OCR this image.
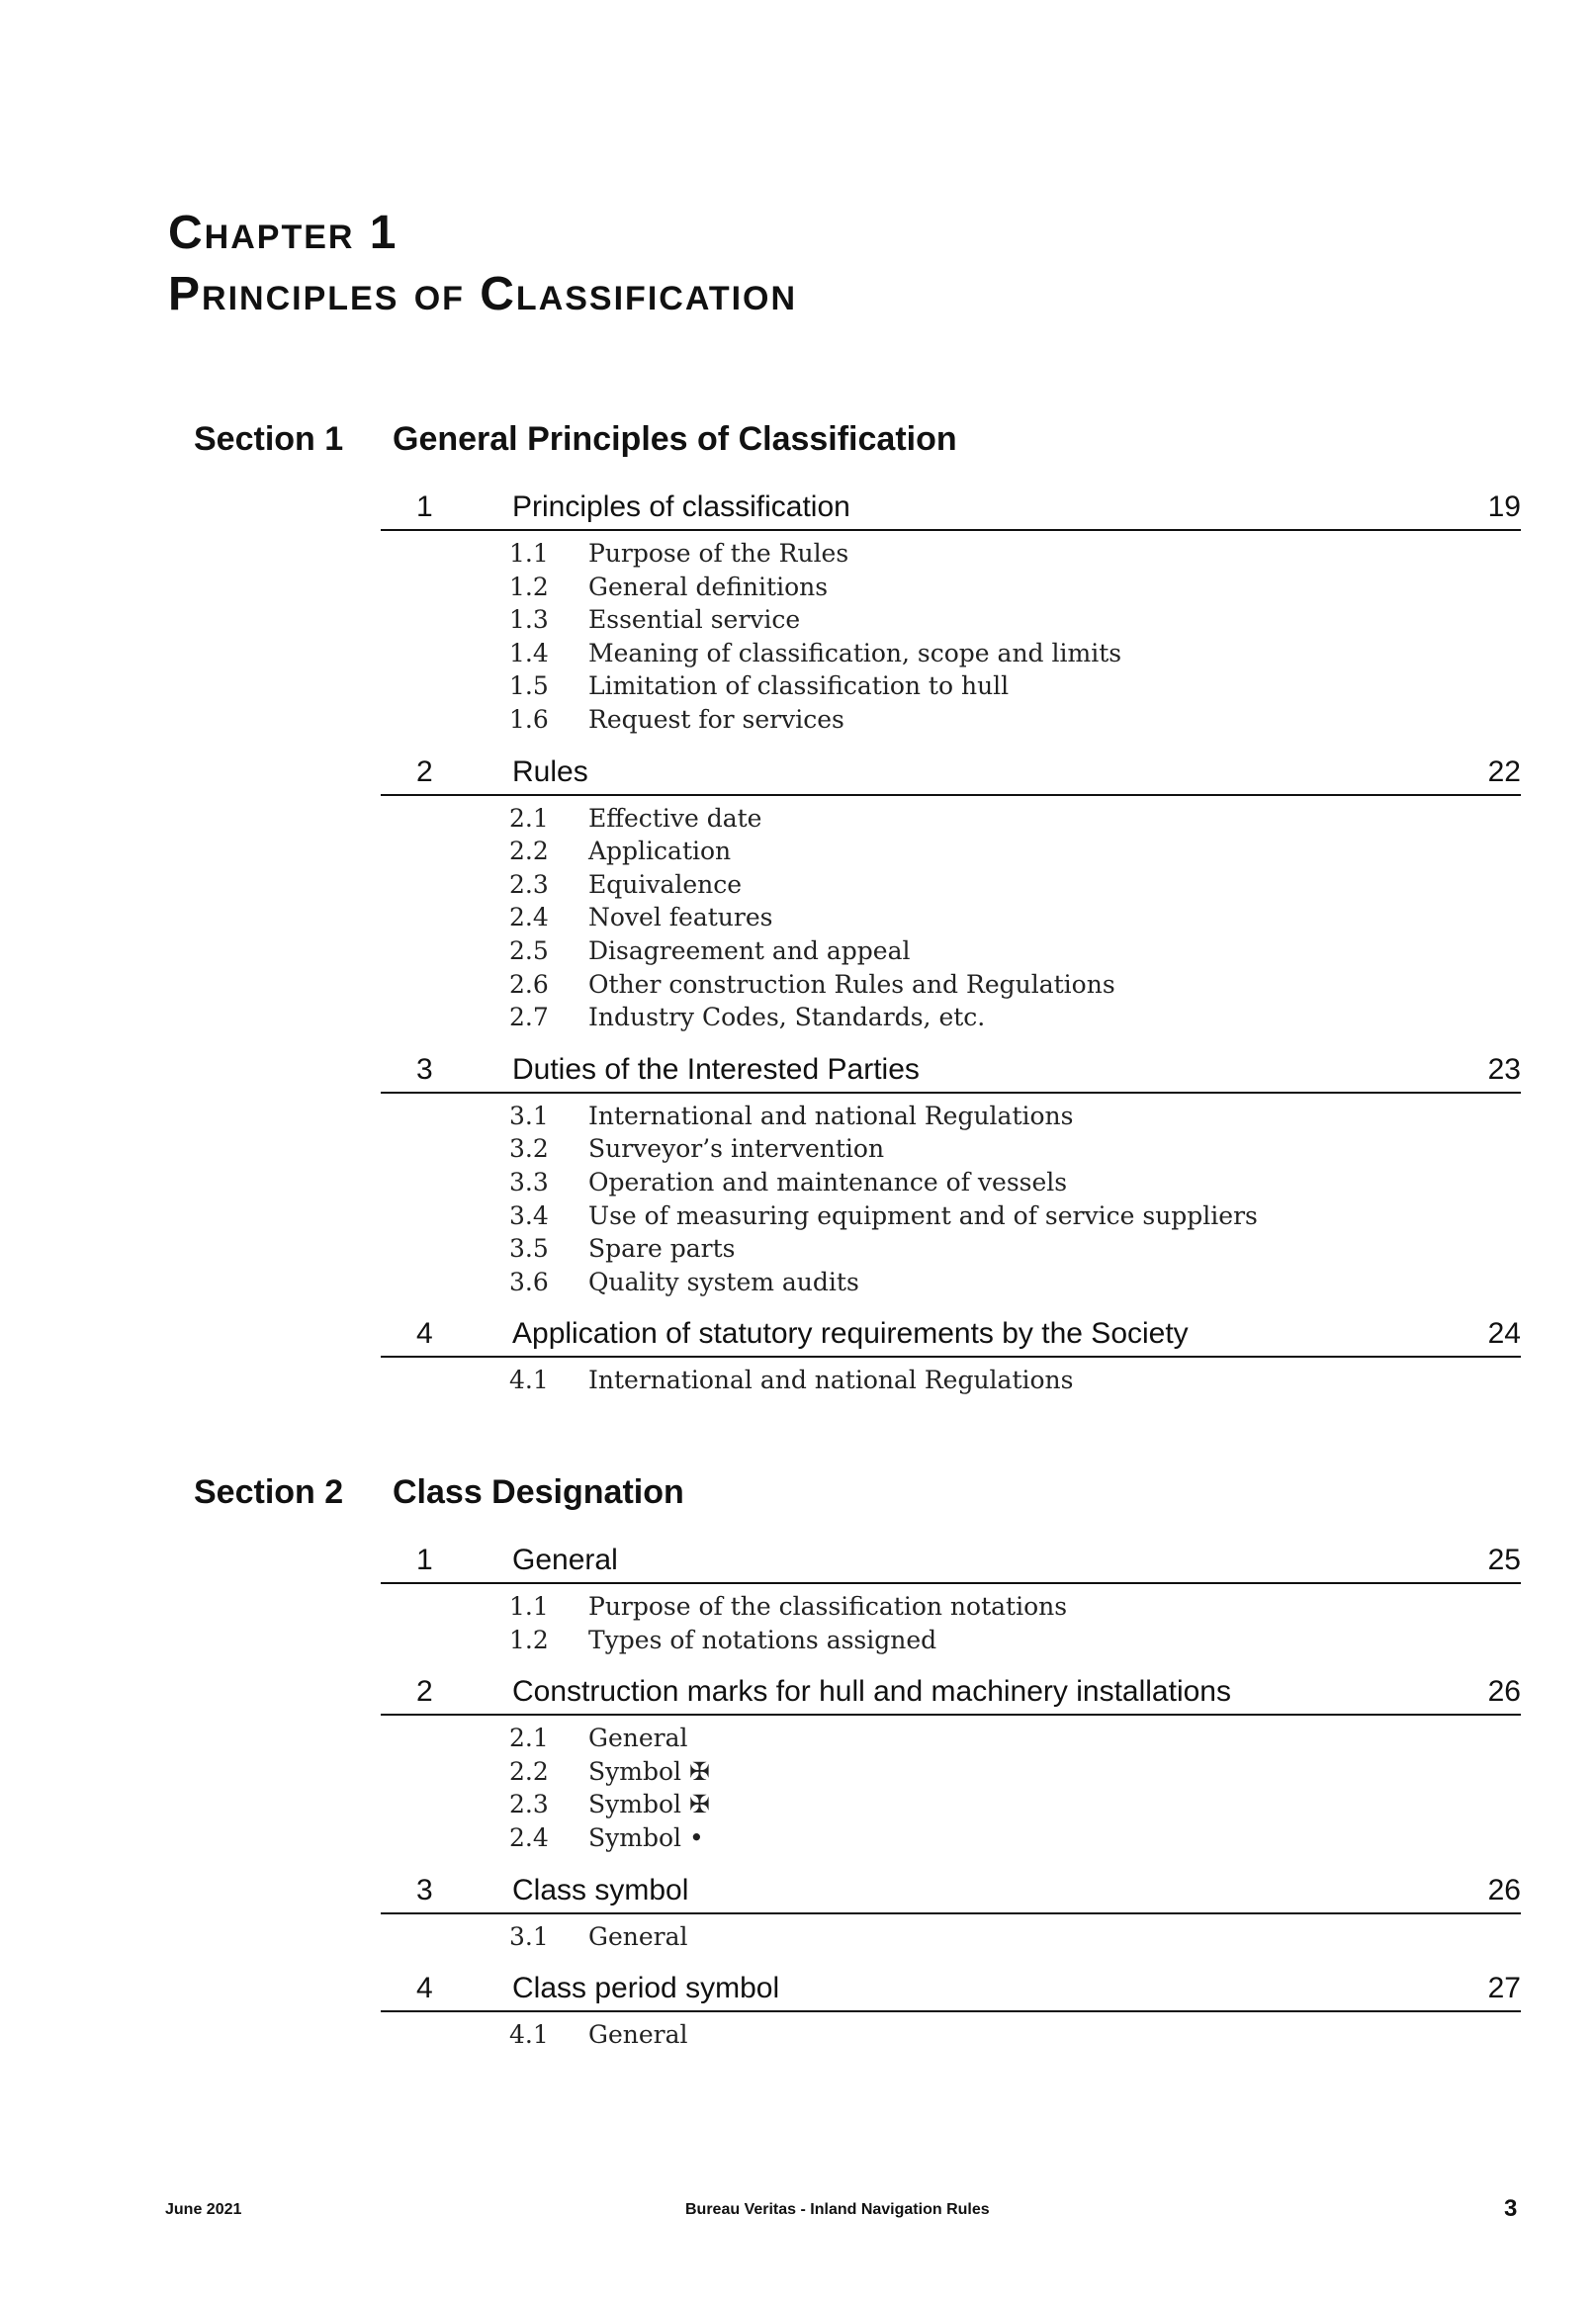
Chapter 1
Principles of Classification
Section 1 General Principles of Classification
1	Principles of classification	19
1.1 Purpose of the Rules
1.2 General definitions
1.3 Essential service
1.4 Meaning of classification, scope and limits
1.5 Limitation of classification to hull
1.6 Request for services
2	Rules	22
2.1 Effective date
2.2 Application
2.3 Equivalence
2.4 Novel features
2.5 Disagreement and appeal
2.6 Other construction Rules and Regulations
2.7 Industry Codes, Standards, etc.
3	Duties of the Interested Parties	23
3.1 International and national Regulations
3.2 Surveyor’s intervention
3.3 Operation and maintenance of vessels
3.4 Use of measuring equipment and of service suppliers
3.5 Spare parts
3.6 Quality system audits
4	Application of statutory requirements by the Society	24
4.1 International and national Regulations
Section 2 Class Designation
1	General	25
1.1 Purpose of the classification notations
1.2 Types of notations assigned
2	Construction marks for hull and machinery installations	26
2.1 General
2.2 Symbol ✠
2.3 Symbol ✠
2.4 Symbol •
3	Class symbol	26
3.1 General
4	Class period symbol	27
4.1 General
June 2021	Bureau Veritas - Inland Navigation Rules	3
